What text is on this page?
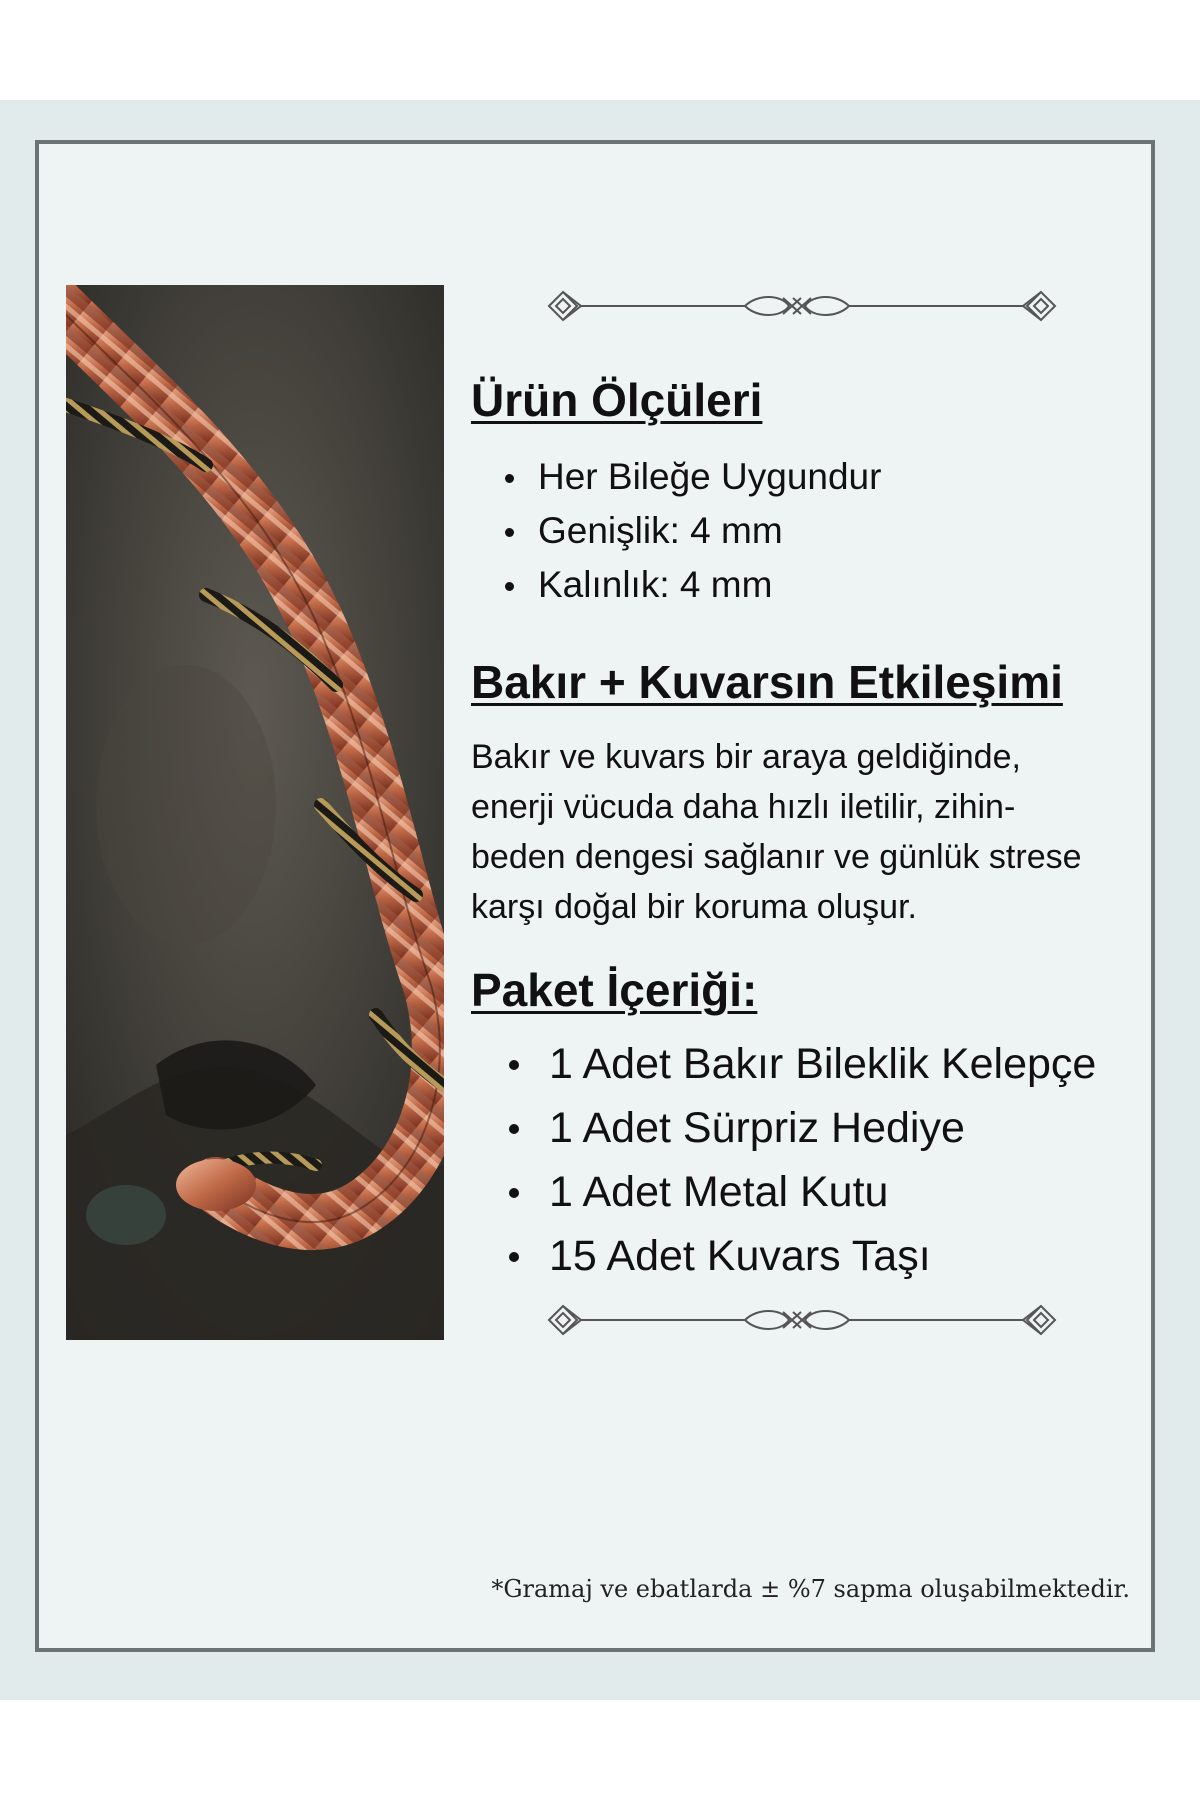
Ürün Ölçüleri
Her Bileğe Uygundur
Genişlik: 4 mm
Kalınlık: 4 mm
Bakır + Kuvarsın Etkileşimi

Bakır ve kuvars bir araya geldiğinde,
enerji vücuda daha hızlı iletilir, zihin-
beden dengesi sağlanır ve günlük strese
karşı doğal bir koruma oluşur.

Paket İçeriği:
1 Adet Bakır Bileklik Kelepçe
1 Adet Sürpriz Hediye
1 Adet Metal Kutu
15 Adet Kuvars Taşı
*Gramaj ve ebatlarda ± %7 sapma oluşabilmektedir.
